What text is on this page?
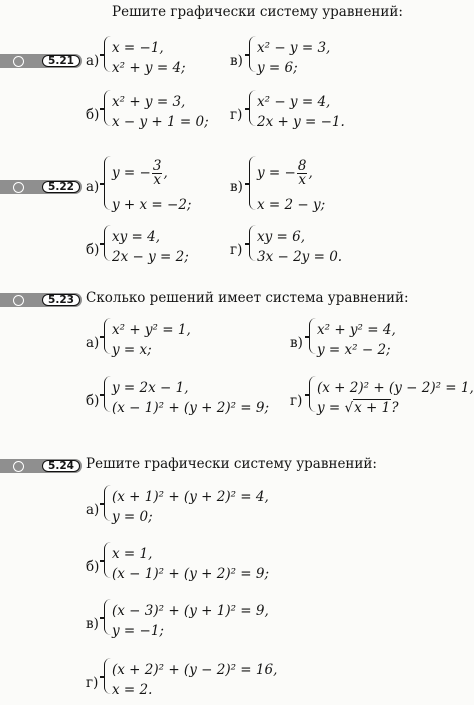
Решите графически систему уравнений:
5.21 а)
x = −1,
x² + y = 4;	в)
x² − y = 3,
y = 6;
б)
x² + y = 3,
x − y + 1 = 0; г)
x² − y = 4,
2x + y = −1.
5.22 а)
y = − $\frac{3}{x}$ ,
y + x = −2;
в)
y = − $\frac{8}{x}$ ,
x = 2 − y;
б)
xy = 4,
2x − y = 2;	г)
xy = 6,
3x − 2y = 0.
5.23 Сколько решений имеет система уравнений:
а)
x² + y² = 1,
y = x;	в)
x² + y² = 4,
y = x² − 2;
б)
y = 2x − 1,
(x − 1)² + (y + 2)² = 9; г)
(x + 2)² + (y − 2)² = 1,
y = √x + 1?
5.24 Решите графически систему уравнений:
а)
(x + 1)² + (y + 2)² = 4,
y = 0;
б)
x = 1,
(x − 1)² + (y + 2)² = 9;
в)
(x − 3)² + (y + 1)² = 9,
y = −1;
г)
(x + 2)² + (y − 2)² = 16,
x = 2.
